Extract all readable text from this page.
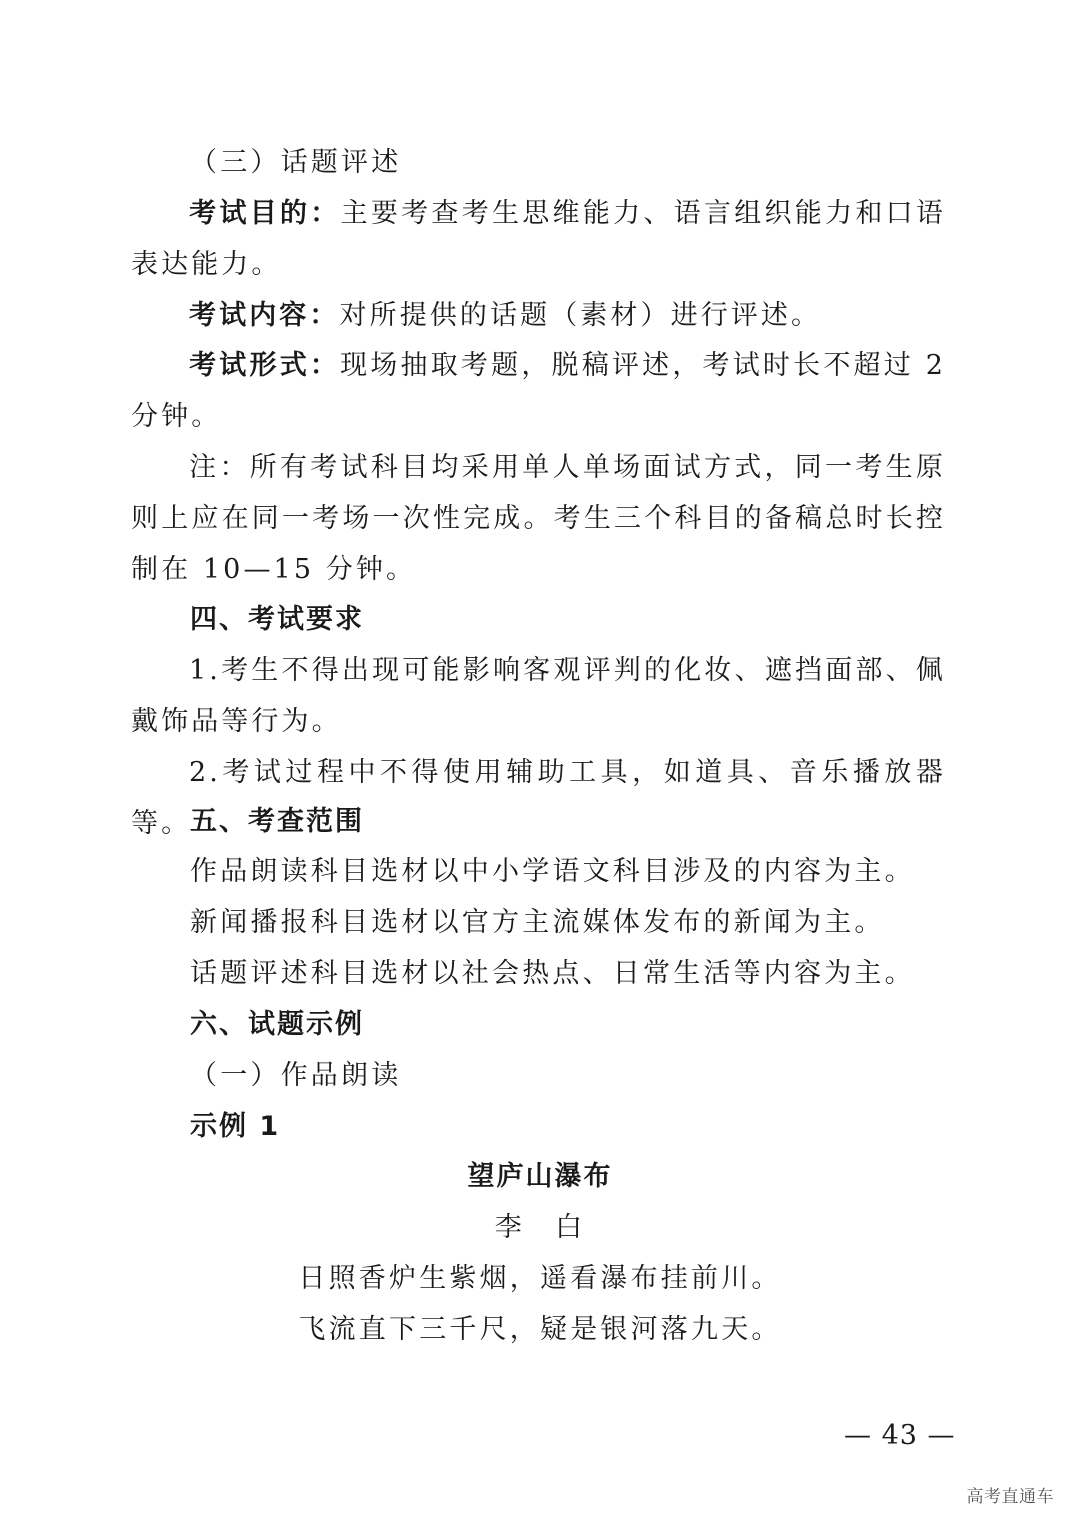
（三）话题评述
考试目的：主要考查考生思维能力、语言组织能力和口语表达能力。
考试内容：对所提供的话题（素材）进行评述。
考试形式：现场抽取考题，脱稿评述，考试时长不超过 2 分钟。
注：所有考试科目均采用单人单场面试方式，同一考生原则上应在同一考场一次性完成。考生三个科目的备稿总时长控制在 10—15 分钟。
四、考试要求
1.考生不得出现可能影响客观评判的化妆、遮挡面部、佩戴饰品等行为。
2.考试过程中不得使用辅助工具，如道具、音乐播放器等。
五、考查范围
作品朗读科目选材以中小学语文科目涉及的内容为主。
新闻播报科目选材以官方主流媒体发布的新闻为主。
话题评述科目选材以社会热点、日常生活等内容为主。
六、试题示例
（一）作品朗读
示例 1
望庐山瀑布
李　白
日照香炉生紫烟，遥看瀑布挂前川。
飞流直下三千尺，疑是银河落九天。
— 43 —
高考直通车
